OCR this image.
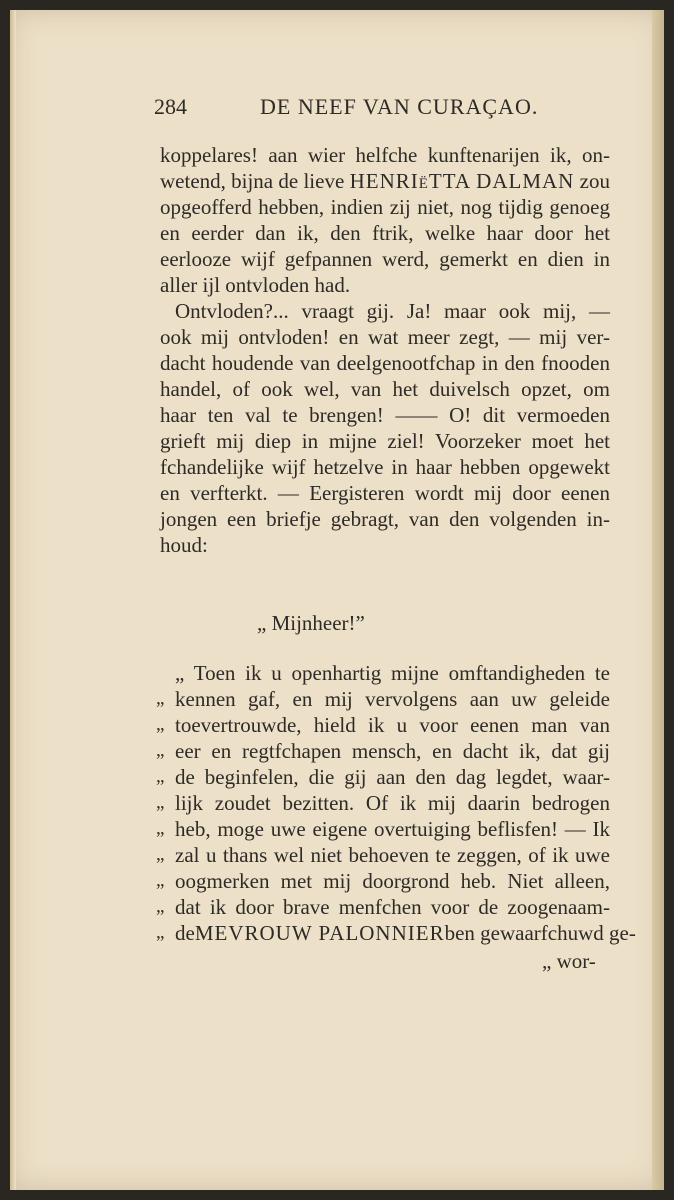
284	DE NEEF VAN CURAÇAO.
koppelares! aan wier helfche kunftenarijen ik, on-
wetend, bijna de lieve HENRIëTTA DALMAN zou
opgeofferd hebben, indien zij niet, nog tijdig genoeg
en eerder dan ik, den ftrik, welke haar door het
eerlooze wijf gefpannen werd, gemerkt en dien in
aller ijl ontvloden had.
Ontvloden?... vraagt gij. Ja! maar ook mij, —
ook mij ontvloden! en wat meer zegt, — mij ver-
dacht houdende van deelgenootfchap in den fnooden
handel, of ook wel, van het duivelsch opzet, om
haar ten val te brengen! —— O! dit vermoeden
grieft mij diep in mijne ziel! Voorzeker moet het
fchandelijke wijf hetzelve in haar hebben opgewekt
en verfterkt. — Eergisteren wordt mij door eenen
jongen een briefje gebragt, van den volgenden in-
houd:
„ Mijnheer!”
„ Toen ik u openhartig mijne omftandigheden te
„ kennen gaf, en mij vervolgens aan uw geleide
„ toevertrouwde, hield ik u voor eenen man van
„ eer en regtfchapen mensch, en dacht ik, dat gij
„ de beginfelen, die gij aan den dag legdet, waar-
„ lijk zoudet bezitten. Of ik mij daarin bedrogen
„ heb, moge uwe eigene overtuiging beflisfen! — Ik
„ zal u thans wel niet behoeven te zeggen, of ik uwe
„ oogmerken met mij doorgrond heb. Niet alleen,
„ dat ik door brave menfchen voor de zoogenaam-
„ de MEVROUW PALONNIER ben gewaarfchuwd ge-
„ wor-
